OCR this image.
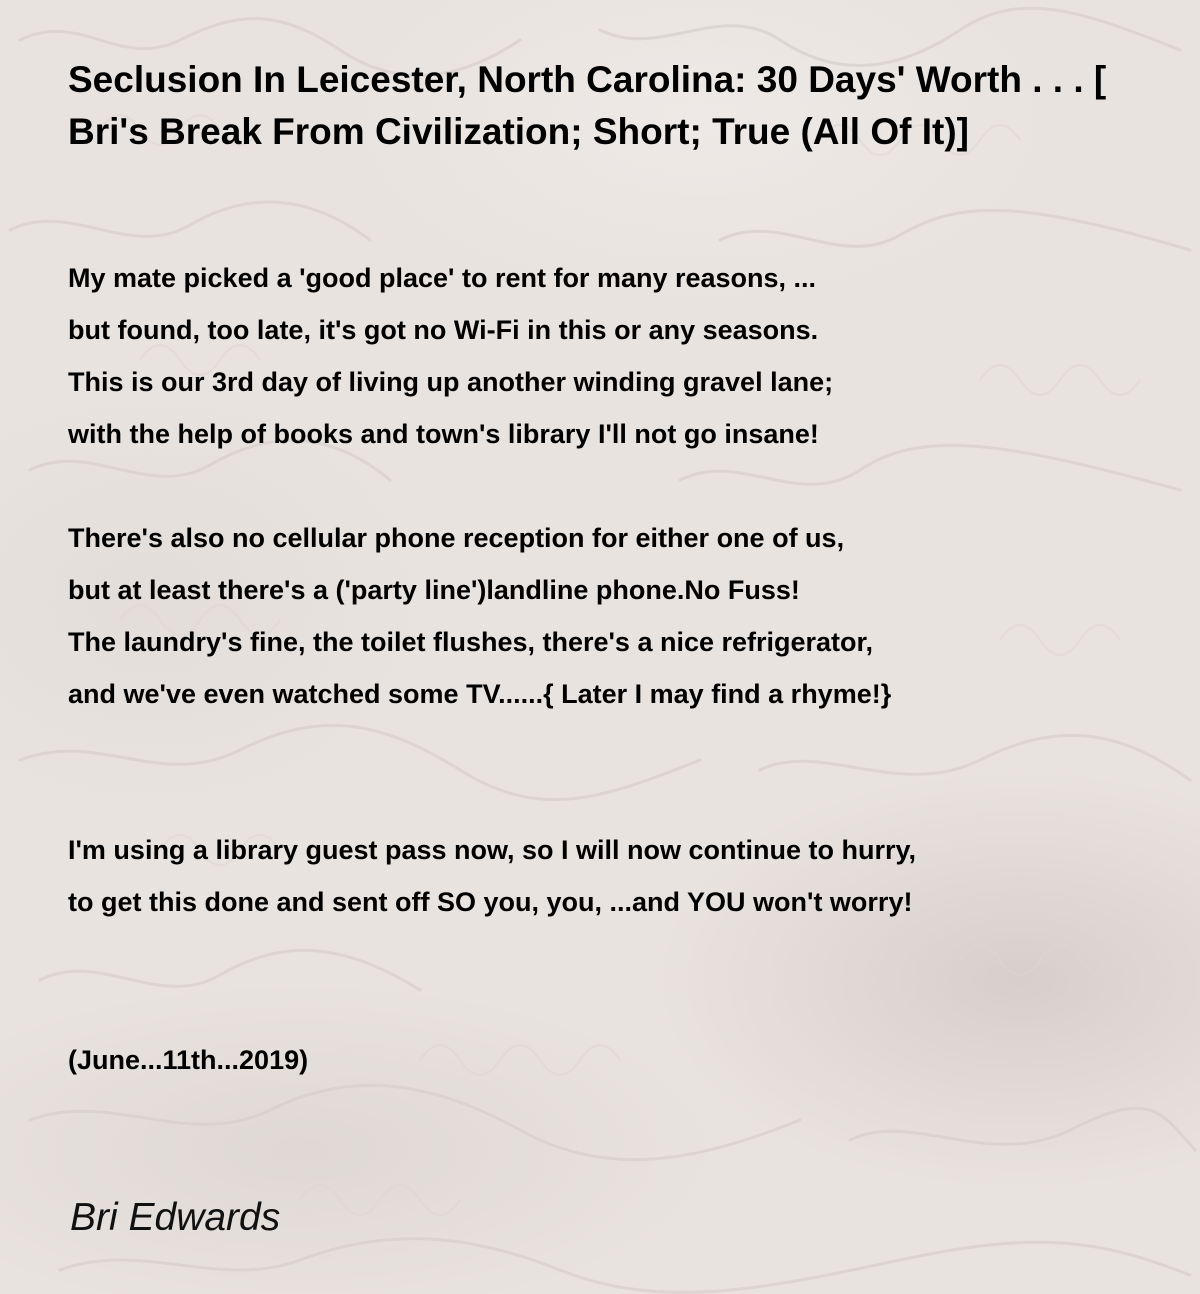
Seclusion In Leicester, North Carolina: 30 Days' Worth . . . [ Bri's Break From Civilization; Short; True (All Of It)]
My mate picked a 'good place' to rent for many reasons, ...
but found, too late, it's got no Wi-Fi in this or any seasons.
This is our 3rd day of living up another winding gravel lane;
with the help of books and town's library I'll not go insane!
There's also no cellular phone reception for either one of us,
but at least there's a ('party line')landline phone.No Fuss!
The laundry's fine, the toilet flushes, there's a nice refrigerator,
and we've even watched some TV......{ Later I may find a rhyme!}
I'm using a library guest pass now, so I will now continue to hurry,
to get this done and sent off SO you, you, ...and YOU won't worry!

(June...11th...2019)

Bri Edwards
